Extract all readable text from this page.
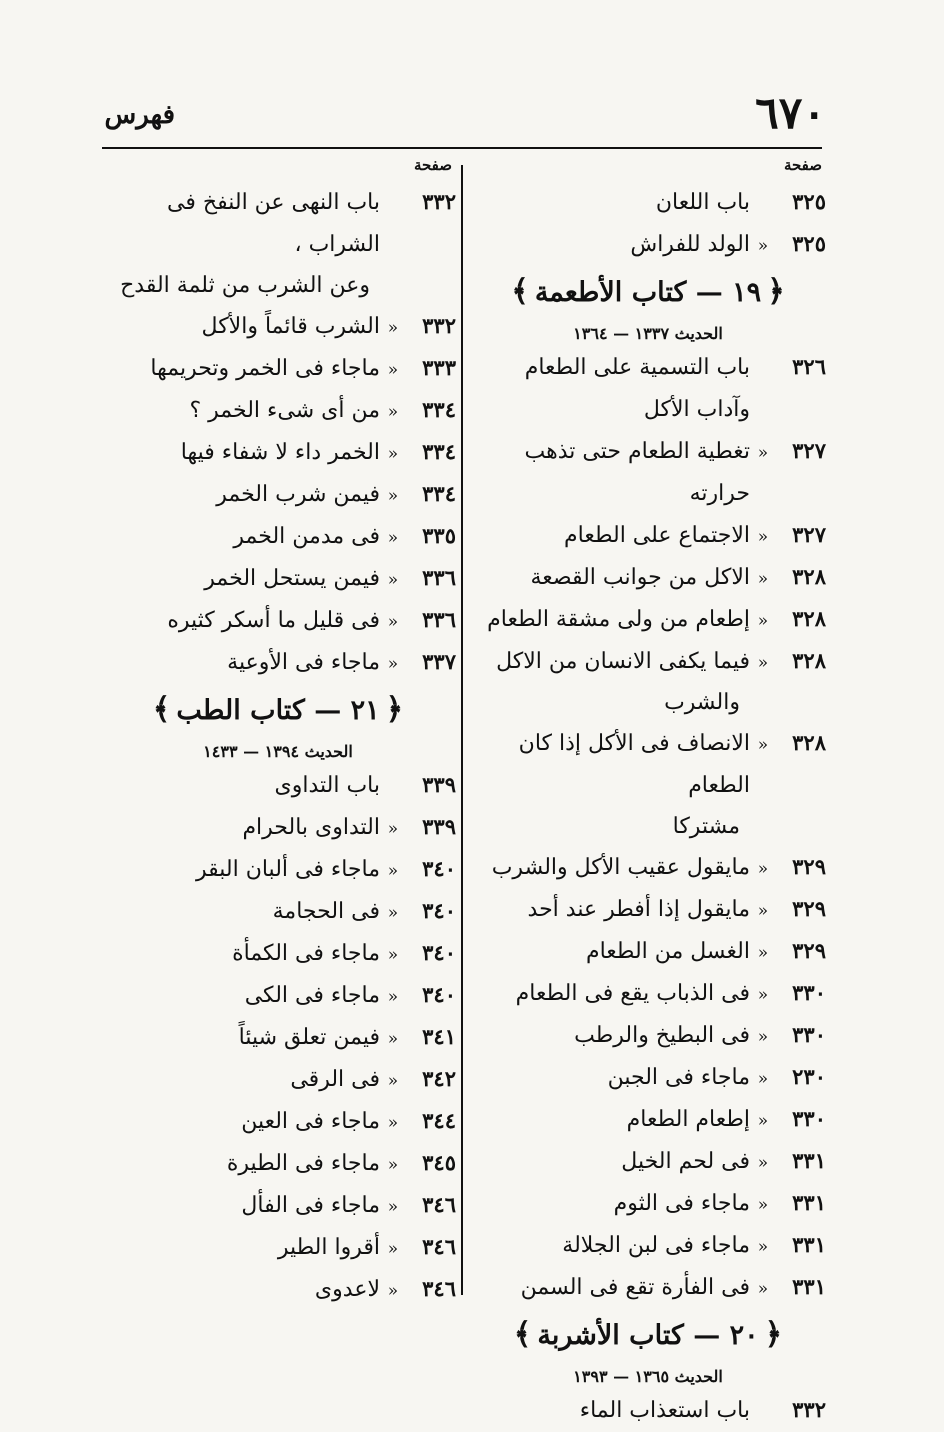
٦٧٠
فهرس
صفحة
٣٢٥
باب اللعان
٣٢٥
«
الولد للفراش
﴿١٩ — كتاب الأطعمة﴾
الحديث ١٣٣٧ — ١٣٦٤
٣٢٦
باب التسمية على الطعام وآداب الأكل
٣٢٧
«
تغطية الطعام حتى تذهب حرارته
٣٢٧
«
الاجتماع على الطعام
٣٢٨
«
الاكل من جوانب القصعة
٣٢٨
«
إطعام من ولى مشقة الطعام
٣٢٨
«
فيما يكفى الانسان من الاكل
والشرب
٣٢٨
«
الانصاف فى الأكل إذا كان الطعام
مشتركا
٣٢٩
«
مايقول عقيب الأكل والشرب
٣٢٩
«
مايقول إذا أفطر عند أحد
٣٢٩
«
الغسل من الطعام
٣٣٠
«
فى الذباب يقع فى الطعام
٣٣٠
«
فى البطيخ والرطب
٢٣٠
«
ماجاء فى الجبن
٣٣٠
«
إطعام الطعام
٣٣١
«
فى لحم الخيل
٣٣١
«
ماجاء فى الثوم
٣٣١
«
ماجاء فى لبن الجلالة
٣٣١
«
فى الفأرة تقع فى السمن
﴿٢٠ — كتاب الأشربة﴾
الحديث ١٣٦٥ — ١٣٩٣
٣٣٢
باب استعذاب الماء
صفحة
٣٣٢
باب النهى عن النفخ فى الشراب ،
وعن الشرب من ثلمة القدح
٣٣٢
«
الشرب قائماً والأكل
٣٣٣
«
ماجاء فى الخمر وتحريمها
٣٣٤
«
من أى شىء الخمر ؟
٣٣٤
«
الخمر داء لا شفاء فيها
٣٣٤
«
فيمن شرب الخمر
٣٣٥
«
فى مدمن الخمر
٣٣٦
«
فيمن يستحل الخمر
٣٣٦
«
فى قليل ما أسكر كثيره
٣٣٧
«
ماجاء فى الأوعية
﴿٢١ — كتاب الطب﴾
الحديث ١٣٩٤ — ١٤٣٣
٣٣٩
باب التداوى
٣٣٩
«
التداوى بالحرام
٣٤٠
«
ماجاء فى ألبان البقر
٣٤٠
«
فى الحجامة
٣٤٠
«
ماجاء فى الكمأة
٣٤٠
«
ماجاء فى الكى
٣٤١
«
فيمن تعلق شيئاً
٣٤٢
«
فى الرقى
٣٤٤
«
ماجاء فى العين
٣٤٥
«
ماجاء فى الطيرة
٣٤٦
«
ماجاء فى الفأل
٣٤٦
«
أقروا الطير
٣٤٦
«
لاعدوى
